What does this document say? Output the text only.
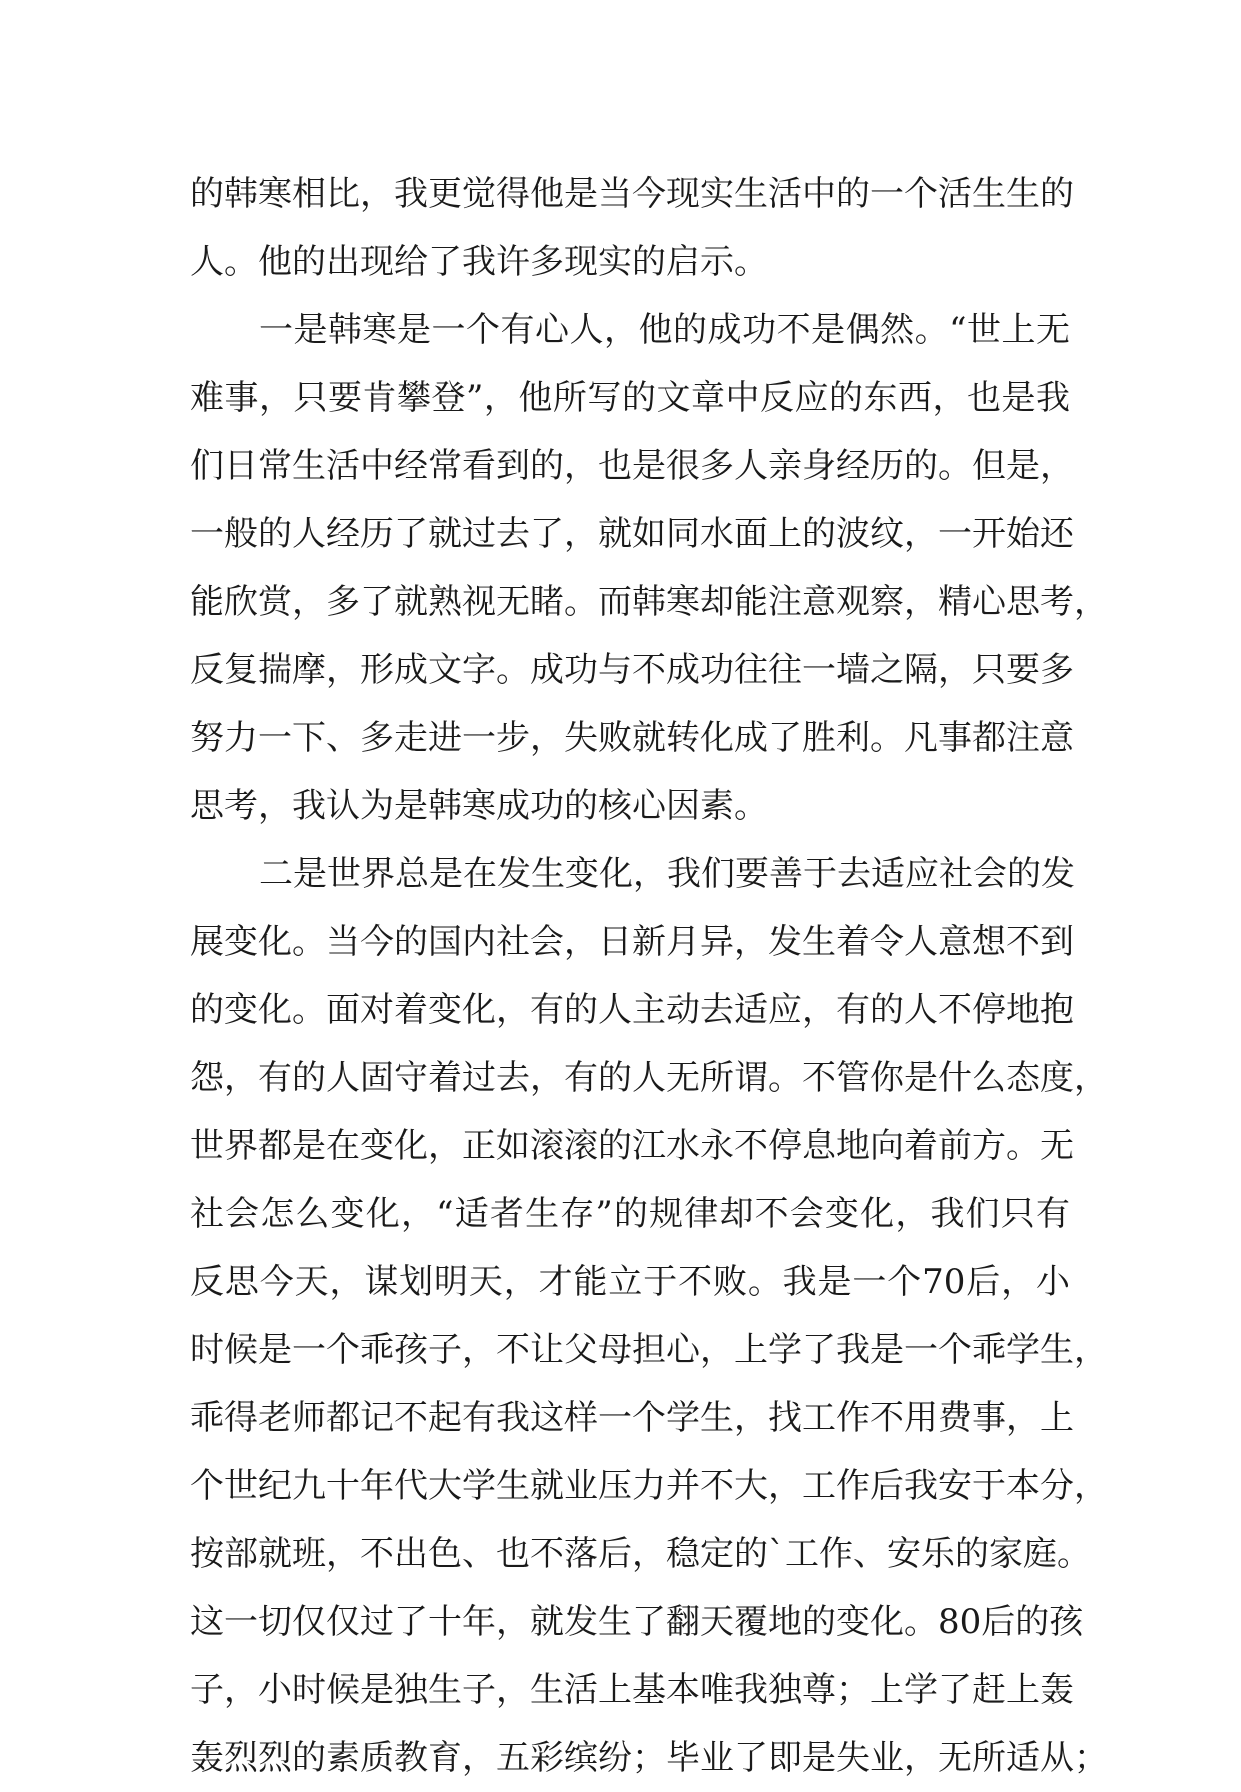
的韩寒相比，我更觉得他是当今现实生活中的一个活生生的
人。他的出现给了我许多现实的启示。
一是韩寒是一个有心人，他的成功不是偶然。“世上无
难事，只要肯攀登”，他所写的文章中反应的东西，也是我
们日常生活中经常看到的，也是很多人亲身经历的。但是，
一般的人经历了就过去了，就如同水面上的波纹，一开始还
能欣赏，多了就熟视无睹。而韩寒却能注意观察，精心思考，
反复揣摩，形成文字。成功与不成功往往一墙之隔，只要多
努力一下、多走进一步，失败就转化成了胜利。凡事都注意
思考，我认为是韩寒成功的核心因素。
二是世界总是在发生变化，我们要善于去适应社会的发
展变化。当今的国内社会，日新月异，发生着令人意想不到
的变化。面对着变化，有的人主动去适应，有的人不停地抱
怨，有的人固守着过去，有的人无所谓。不管你是什么态度，
世界都是在变化，正如滚滚的江水永不停息地向着前方。无
社会怎么变化，“适者生存”的规律却不会变化，我们只有
反思今天，谋划明天，才能立于不败。我是一个70后，小
时候是一个乖孩子，不让父母担心，上学了我是一个乖学生，
乖得老师都记不起有我这样一个学生，找工作不用费事，上
个世纪九十年代大学生就业压力并不大，工作后我安于本分，
按部就班，不出色、也不落后，稳定的`工作、安乐的家庭。
这一切仅仅过了十年，就发生了翻天覆地的变化。80后的孩
子，小时候是独生子，生活上基本唯我独尊；上学了赶上轰
轰烈烈的素质教育，五彩缤纷；毕业了即是失业，无所适从；
